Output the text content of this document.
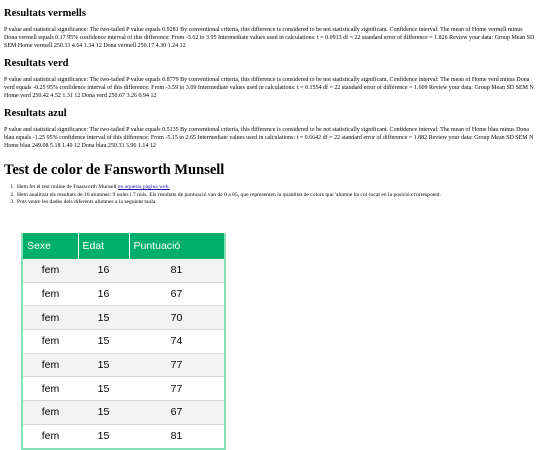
Resultats vermells

P value and statistical significance: The two-tailed P value equals 0.9281 By conventional criteria, this difference is considered to be not statistically significant. Confidence interval: The mean of Home vermell minus Dona vermell equals 0.17 95% confidence interval of this difference: From -3.62 to 3.95 Intermediate values used in calculations: t = 0.0913 df = 22 standard error of difference = 1.826 Review your data: Group Mean SD SEM Home vermell 250.33 4.64 1.34 12 Dona vermell 250.17 4.30 1.24 12

Resultats verd

P value and statistical significance: The two-tailed P value equals 0.8779 By conventional criteria, this difference is considered to be not statistically significant. Confidence interval: The mean of Home verd minus Dona verd equals -0.25 95% confidence interval of this difference: From -3.59 to 3.09 Intermediate values used in calculations: t = 0.1554 df = 22 standard error of difference = 1.609 Review your data: Group Mean SD SEM N Home verd 250.42 4.52 1.31 12 Dona verd 250.67 3.26 0.94 12

Resultats azul

P value and statistical significance: The two-tailed P value equals 0.5135 By conventional criteria, this difference is considered to be not statistically significant. Confidence interval: The mean of Home blau minus Dona blau equals -1.25 95% confidence interval of this difference: From -5.15 to 2.65 Intermediate values used in calculations: t = 0.6642 df = 22 standard error of difference = 1.882 Review your data: Group Mean SD SEM N Home blau 249.08 5.18 1.49 12 Dona blau 250.33 3.96 1.14 12

Test de color de Fansworth Munsell
1. Hem fet el test online de Fnasworth Munsell en aquesta pàgina web.
2. Hem analitzat els resultats de 16 alumnes: 9 noies i 7 nois. Els resultats de puntuació van de 0 a 85, que representen la quantitat de colors que 'alumne ha col·locat en la posició ccorrespoent.
3. Pots veure les dades dels diferents alumnes a la seguient taula
Sexe	Edat	Puntuació
fem	16	81
fem	16	67
fem	15	70
fem	15	74
fem	15	77
fem	15	77
fem	15	67
fem	15	81
